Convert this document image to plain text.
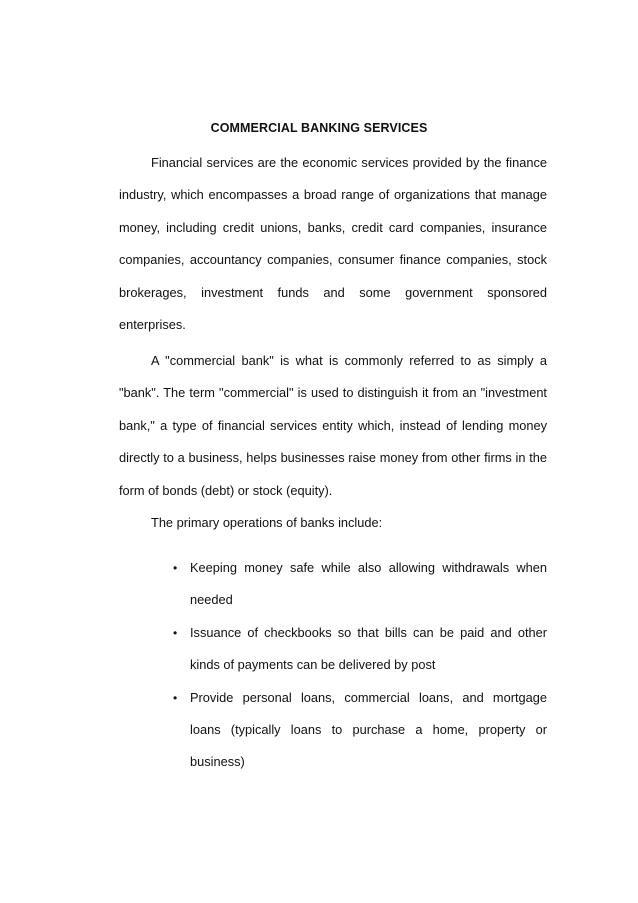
COMMERCIAL BANKING SERVICES

Financial services are the economic services provided by the finance industry, which encompasses a broad range of organizations that manage money, including credit unions, banks, credit card companies, insurance companies, accountancy companies, consumer finance companies, stock brokerages, investment funds and some government sponsored enterprises.

A "commercial bank" is what is commonly referred to as simply a "bank". The term "commercial" is used to distinguish it from an "investment bank," a type of financial services entity which, instead of lending money directly to a business, helps businesses raise money from other firms in the form of bonds (debt) or stock (equity).

The primary operations of banks include:

• Keeping money safe while also allowing withdrawals when needed
• Issuance of checkbooks so that bills can be paid and other kinds of payments can be delivered by post
• Provide personal loans, commercial loans, and mortgage loans (typically loans to purchase a home, property or business)
